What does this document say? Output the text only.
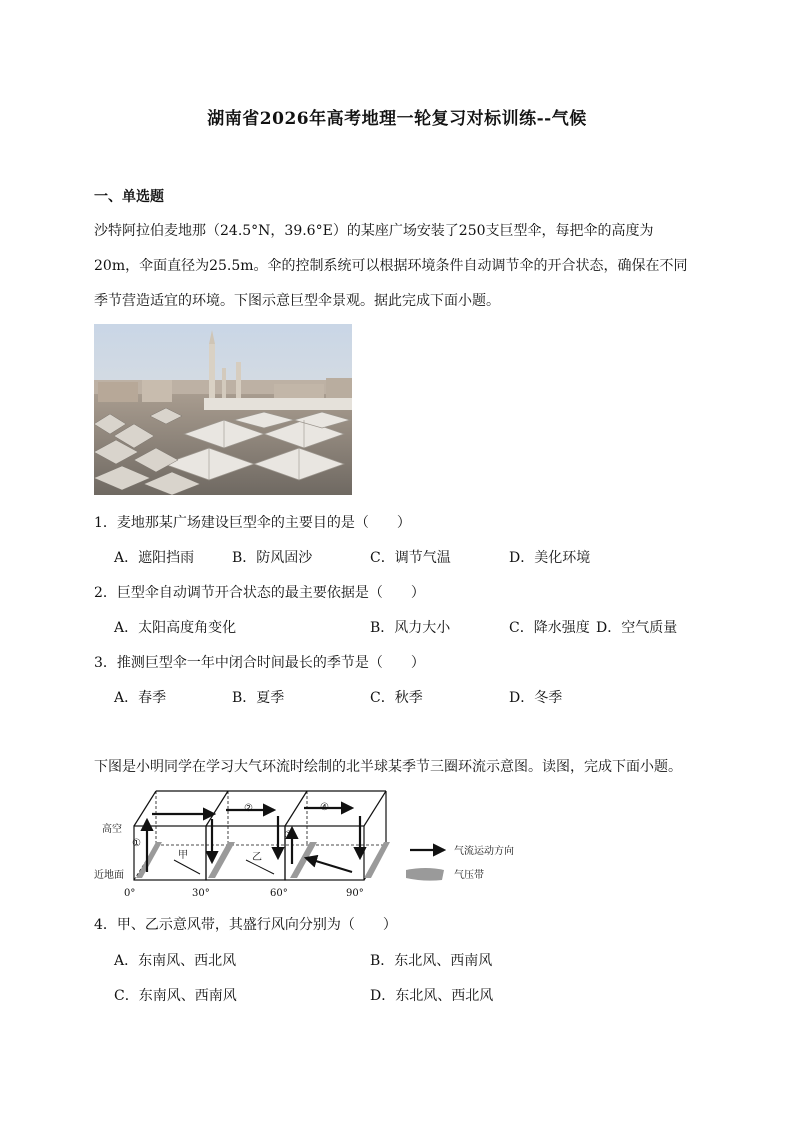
湖南省2026年高考地理一轮复习对标训练--气候
一、单选题
沙特阿拉伯麦地那（24.5°N，39.6°E）的某座广场安装了250支巨型伞，每把伞的高度为
20m，伞面直径为25.5m。伞的控制系统可以根据环境条件自动调节伞的开合状态，确保在不同
季节营造适宜的环境。下图示意巨型伞景观。据此完成下面小题。
1．麦地那某广场建设巨型伞的主要目的是（　　）
A．遮阳挡雨	B．防风固沙	C．调节气温	D．美化环境
2．巨型伞自动调节开合状态的最主要依据是（　　）
A．太阳高度角变化	B．风力大小	C．降水强度 D．空气质量
3．推测巨型伞一年中闭合时间最长的季节是（　　）
A．春季	B．夏季	C．秋季	D．冬季
下图是小明同学在学习大气环流时绘制的北半球某季节三圈环流示意图。读图，完成下面小题。
高空
近地面
①
②
③
④
甲	乙
0°	30°	60°	90°
气流运动方向
气压带
4．甲、乙示意风带，其盛行风向分别为（　　）
A．东南风、西北风	B．东北风、西南风
C．东南风、西南风	D．东北风、西北风
